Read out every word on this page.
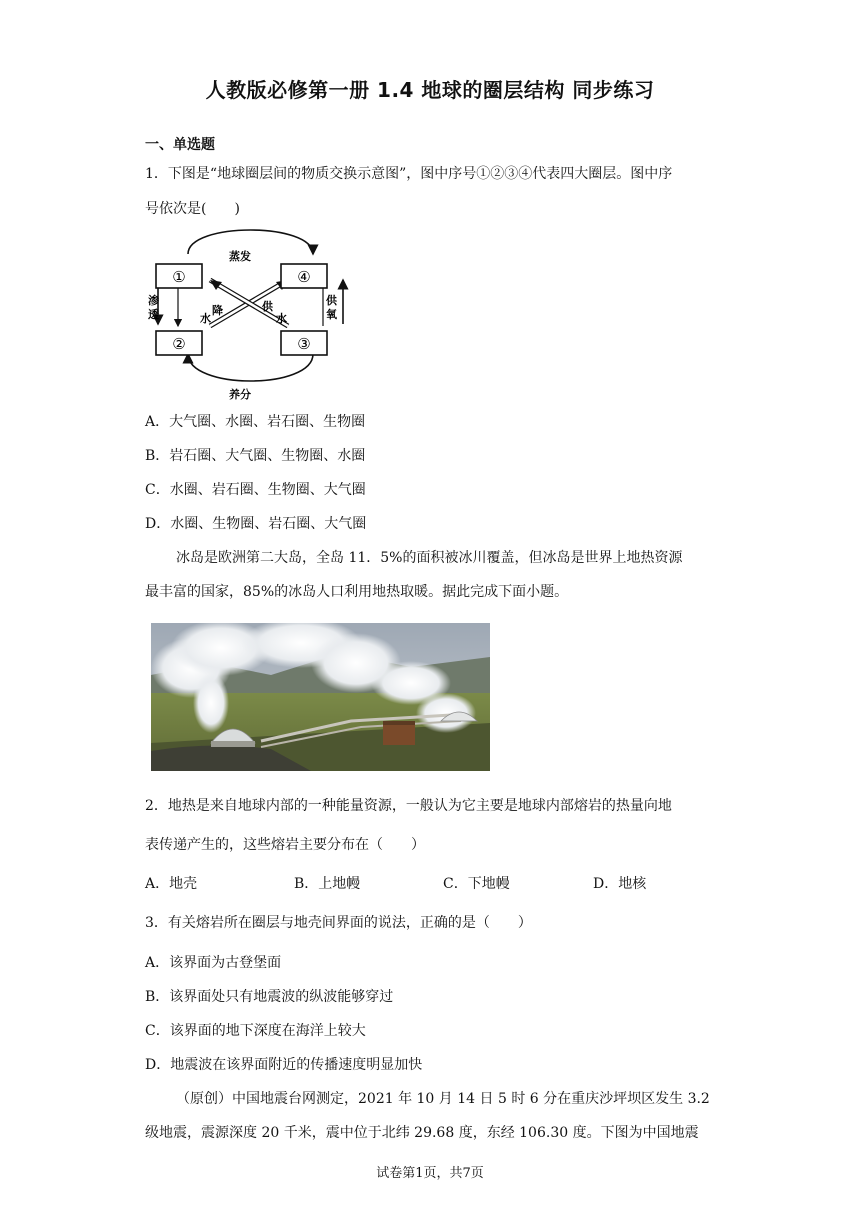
人教版必修第一册 1.4 地球的圈层结构 同步练习
一、单选题
1．下图是“地球圈层间的物质交换示意图”，图中序号①②③④代表四大圈层。图中序
号依次是(　　)
①	④
②	③
蒸发
养分
渗
透
供
氧
水
降	供
水
A．大气圈、水圈、岩石圈、生物圈
B．岩石圈、大气圈、生物圈、水圈
C．水圈、岩石圈、生物圈、大气圈
D．水圈、生物圈、岩石圈、大气圈
冰岛是欧洲第二大岛，全岛 11．5%的面积被冰川覆盖，但冰岛是世界上地热资源
最丰富的国家，85%的冰岛人口利用地热取暖。据此完成下面小题。
2．地热是来自地球内部的一种能量资源，一般认为它主要是地球内部熔岩的热量向地
表传递产生的，这些熔岩主要分布在（　　）
A．地壳	B．上地幔	C．下地幔	D．地核
3．有关熔岩所在圈层与地壳间界面的说法，正确的是（　　）
A．该界面为古登堡面
B．该界面处只有地震波的纵波能够穿过
C．该界面的地下深度在海洋上较大
D．地震波在该界面附近的传播速度明显加快
（原创）中国地震台网测定，2021 年 10 月 14 日 5 时 6 分在重庆沙坪坝区发生 3.2
级地震，震源深度 20 千米，震中位于北纬 29.68 度，东经 106.30 度。下图为中国地震
试卷第1页，共7页
